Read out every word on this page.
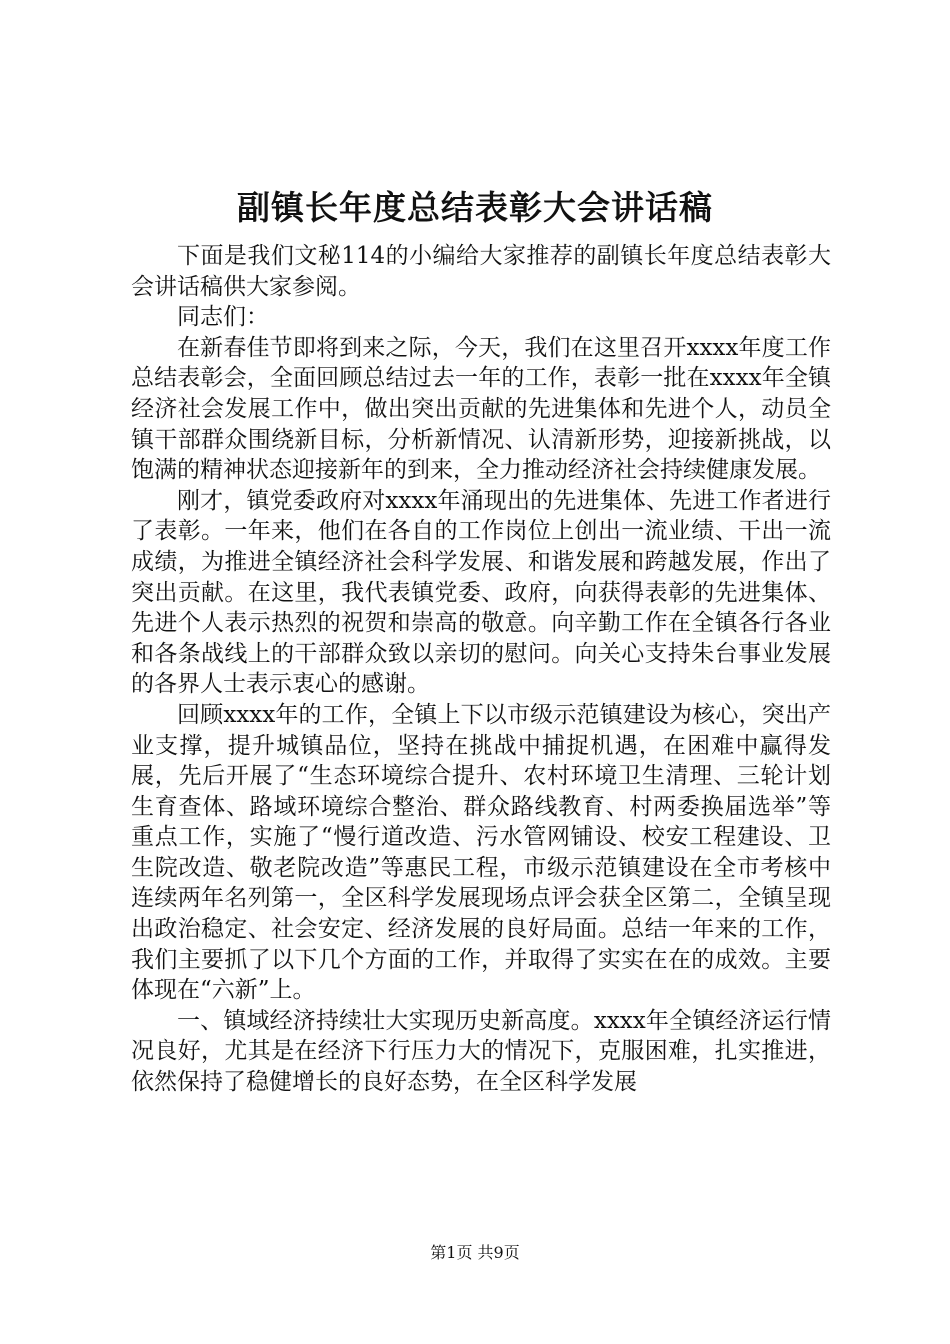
副镇长年度总结表彰大会讲话稿

下面是我们文秘114的小编给大家推荐的副镇长年度总结表彰大会讲话稿供大家参阅。

同志们：

在新春佳节即将到来之际，今天，我们在这里召开xxxx年度工作总结表彰会，全面回顾总结过去一年的工作，表彰一批在xxxx年全镇经济社会发展工作中，做出突出贡献的先进集体和先进个人，动员全镇干部群众围绕新目标，分析新情况、认清新形势，迎接新挑战，以饱满的精神状态迎接新年的到来，全力推动经济社会持续健康发展。

刚才，镇党委政府对xxxx年涌现出的先进集体、先进工作者进行了表彰。一年来，他们在各自的工作岗位上创出一流业绩、干出一流成绩，为推进全镇经济社会科学发展、和谐发展和跨越发展，作出了突出贡献。在这里，我代表镇党委、政府，向获得表彰的先进集体、先进个人表示热烈的祝贺和崇高的敬意。向辛勤工作在全镇各行各业和各条战线上的干部群众致以亲切的慰问。向关心支持朱台事业发展的各界人士表示衷心的感谢。

回顾xxxx年的工作，全镇上下以市级示范镇建设为核心，突出产业支撑，提升城镇品位，坚持在挑战中捕捉机遇，在困难中赢得发展，先后开展了“生态环境综合提升、农村环境卫生清理、三轮计划生育查体、路域环境综合整治、群众路线教育、村两委换届选举”等重点工作，实施了“慢行道改造、污水管网铺设、校安工程建设、卫生院改造、敬老院改造”等惠民工程，市级示范镇建设在全市考核中连续两年名列第一，全区科学发展现场点评会获全区第二，全镇呈现出政治稳定、社会安定、经济发展的良好局面。总结一年来的工作，我们主要抓了以下几个方面的工作，并取得了实实在在的成效。主要体现在“六新”上。

一、镇域经济持续壮大实现历史新高度。xxxx年全镇经济运行情况良好，尤其是在经济下行压力大的情况下，克服困难，扎实推进，依然保持了稳健增长的良好态势，在全区科学发展

第1页 共9页
